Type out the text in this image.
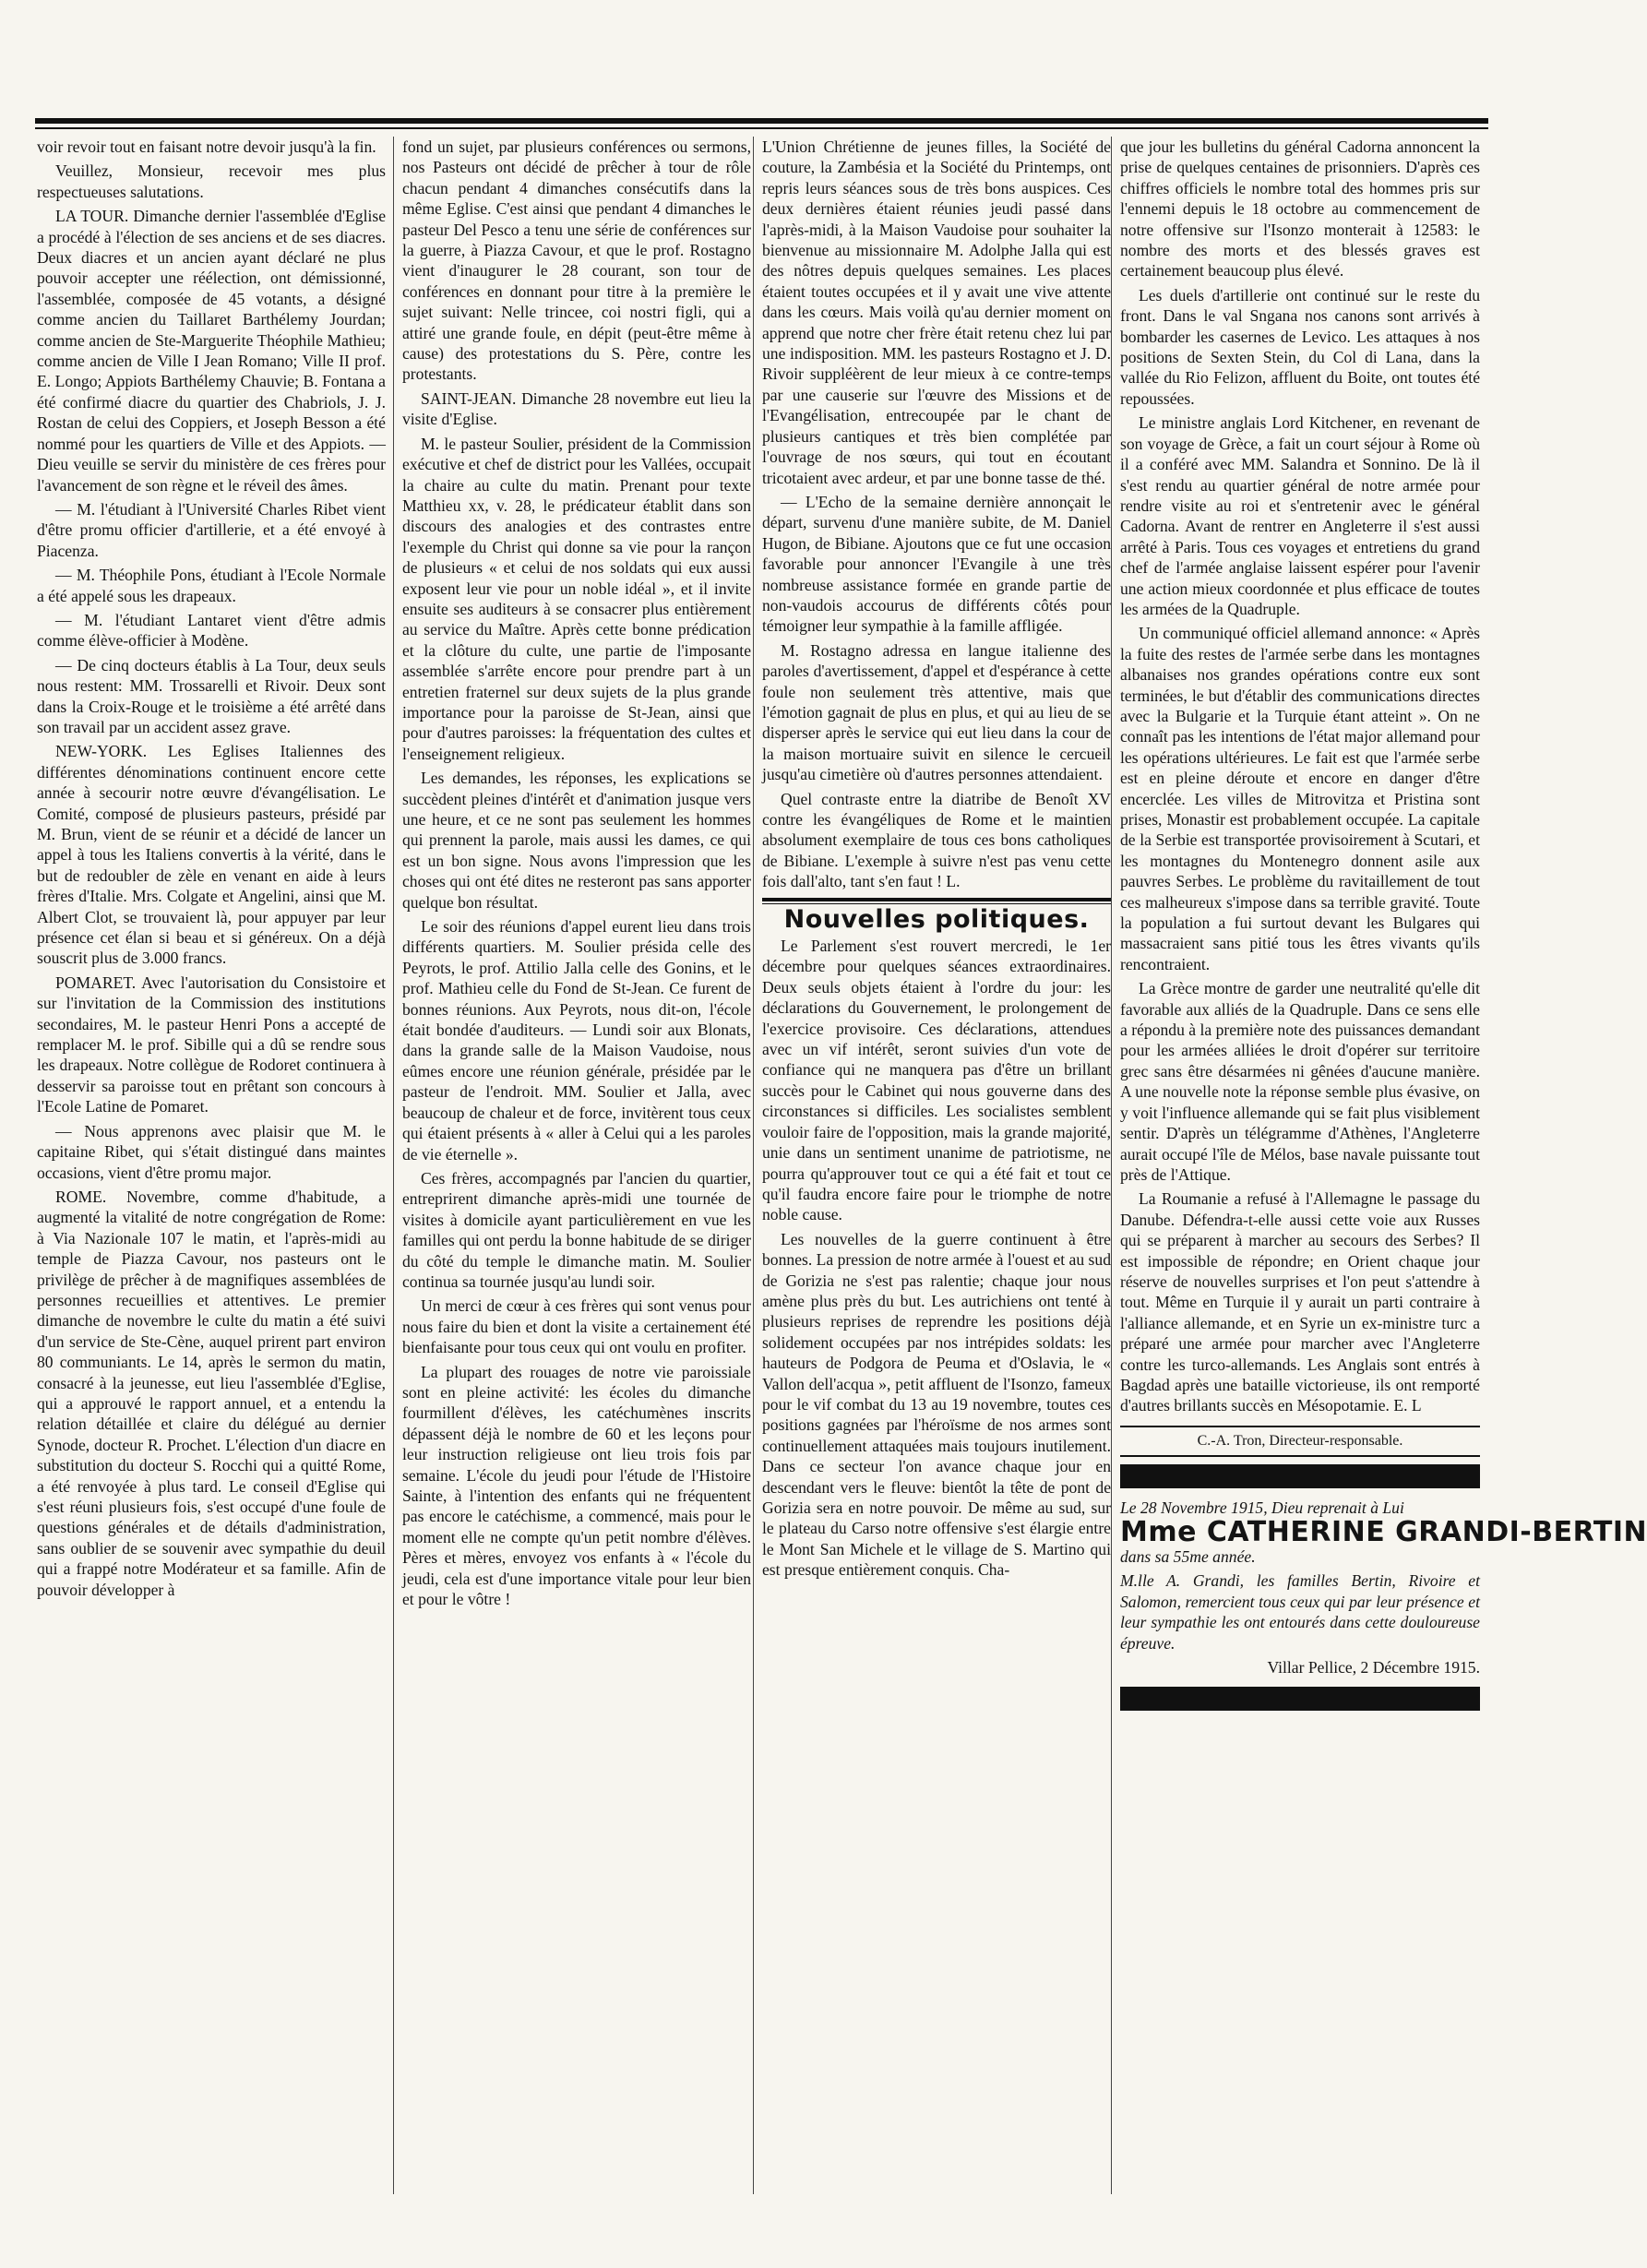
voir revoir tout en faisant notre devoir jusqu'à la fin.

Veuillez, Monsieur, recevoir mes plus respectueuses salutations.

LA TOUR. Dimanche dernier l'assemblée d'Eglise a procédé à l'élection de ses anciens et de ses diacres. Deux diacres et un ancien ayant déclaré ne plus pouvoir accepter une réélection, ont démissionné, l'assemblée, composée de 45 votants, a désigné comme ancien du Taillaret Barthélemy Jourdan; comme ancien de Ste-Marguerite Théophile Mathieu; comme ancien de Ville I Jean Romano; Ville II prof. E. Longo; Appiots Barthélemy Chauvie; B. Fontana a été confirmé diacre du quartier des Chabriols, J. J. Rostan de celui des Coppiers, et Joseph Besson a été nommé pour les quartiers de Ville et des Appiots. — Dieu veuille se servir du ministère de ces frères pour l'avancement de son règne et le réveil des âmes.

— M. l'étudiant à l'Université Charles Ribet vient d'être promu officier d'artillerie, et a été envoyé à Piacenza.

— M. Théophile Pons, étudiant à l'Ecole Normale a été appelé sous les drapeaux.

— M. l'étudiant Lantaret vient d'être admis comme élève-officier à Modène.

— De cinq docteurs établis à La Tour, deux seuls nous restent: MM. Trossarelli et Rivoir. Deux sont dans la Croix-Rouge et le troisième a été arrêté dans son travail par un accident assez grave.

NEW-YORK. Les Eglises Italiennes des différentes dénominations continuent encore cette année à secourir notre œuvre d'évangélisation. Le Comité, composé de plusieurs pasteurs, présidé par M. Brun, vient de se réunir et a décidé de lancer un appel à tous les Italiens convertis à la vérité, dans le but de redoubler de zèle en venant en aide à leurs frères d'Italie. Mrs. Colgate et Angelini, ainsi que M. Albert Clot, se trouvaient là, pour appuyer par leur présence cet élan si beau et si généreux. On a déjà souscrit plus de 3.000 francs.

POMARET. Avec l'autorisation du Consistoire et sur l'invitation de la Commission des institutions secondaires, M. le pasteur Henri Pons a accepté de remplacer M. le prof. Sibille qui a dû se rendre sous les drapeaux. Notre collègue de Rodoret continuera à desservir sa paroisse tout en prêtant son concours à l'Ecole Latine de Pomaret.

— Nous apprenons avec plaisir que M. le capitaine Ribet, qui s'était distingué dans maintes occasions, vient d'être promu major.

ROME. Novembre, comme d'habitude, a augmenté la vitalité de notre congrégation de Rome: à Via Nazionale 107 le matin, et l'après-midi au temple de Piazza Cavour, nos pasteurs ont le privilège de prêcher à de magnifiques assemblées de personnes recueillies et attentives. Le premier dimanche de novembre le culte du matin a été suivi d'un service de Ste-Cène, auquel prirent part environ 80 communiants. Le 14, après le sermon du matin, consacré à la jeunesse, eut lieu l'assemblée d'Eglise, qui a approuvé le rapport annuel, et a entendu la relation détaillée et claire du délégué au dernier Synode, docteur R. Prochet. L'élection d'un diacre en substitution du docteur S. Rocchi qui a quitté Rome, a été renvoyée à plus tard. Le conseil d'Eglise qui s'est réuni plusieurs fois, s'est occupé d'une foule de questions générales et de détails d'administration, sans oublier de se souvenir avec sympathie du deuil qui a frappé notre Modérateur et sa famille. Afin de pouvoir développer à

fond un sujet, par plusieurs conférences ou sermons, nos Pasteurs ont décidé de prêcher à tour de rôle chacun pendant 4 dimanches consécutifs dans la même Eglise. C'est ainsi que pendant 4 dimanches le pasteur Del Pesco a tenu une série de conférences sur la guerre, à Piazza Cavour, et que le prof. Rostagno vient d'inaugurer le 28 courant, son tour de conférences en donnant pour titre à la première le sujet suivant: Nelle trincee, coi nostri figli, qui a attiré une grande foule, en dépit (peut-être même à cause) des protestations du S. Père, contre les protestants.

SAINT-JEAN. Dimanche 28 novembre eut lieu la visite d'Eglise.

M. le pasteur Soulier, président de la Commission exécutive et chef de district pour les Vallées, occupait la chaire au culte du matin. Prenant pour texte Matthieu xx, v. 28, le prédicateur établit dans son discours des analogies et des contrastes entre l'exemple du Christ qui donne sa vie pour la rançon de plusieurs « et celui de nos soldats qui eux aussi exposent leur vie pour un noble idéal », et il invite ensuite ses auditeurs à se consacrer plus entièrement au service du Maître. Après cette bonne prédication et la clôture du culte, une partie de l'imposante assemblée s'arrête encore pour prendre part à un entretien fraternel sur deux sujets de la plus grande importance pour la paroisse de St-Jean, ainsi que pour d'autres paroisses: la fréquentation des cultes et l'enseignement religieux.

Les demandes, les réponses, les explications se succèdent pleines d'intérêt et d'animation jusque vers une heure, et ce ne sont pas seulement les hommes qui prennent la parole, mais aussi les dames, ce qui est un bon signe. Nous avons l'impression que les choses qui ont été dites ne resteront pas sans apporter quelque bon résultat.

Le soir des réunions d'appel eurent lieu dans trois différents quartiers. M. Soulier présida celle des Peyrots, le prof. Attilio Jalla celle des Gonins, et le prof. Mathieu celle du Fond de St-Jean. Ce furent de bonnes réunions. Aux Peyrots, nous dit-on, l'école était bondée d'auditeurs. — Lundi soir aux Blonats, dans la grande salle de la Maison Vaudoise, nous eûmes encore une réunion générale, présidée par le pasteur de l'endroit. MM. Soulier et Jalla, avec beaucoup de chaleur et de force, invitèrent tous ceux qui étaient présents à « aller à Celui qui a les paroles de vie éternelle ».

Ces frères, accompagnés par l'ancien du quartier, entreprirent dimanche après-midi une tournée de visites à domicile ayant particulièrement en vue les familles qui ont perdu la bonne habitude de se diriger du côté du temple le dimanche matin. M. Soulier continua sa tournée jusqu'au lundi soir.

Un merci de cœur à ces frères qui sont venus pour nous faire du bien et dont la visite a certainement été bienfaisante pour tous ceux qui ont voulu en profiter.

La plupart des rouages de notre vie paroissiale sont en pleine activité: les écoles du dimanche fourmillent d'élèves, les catéchumènes inscrits dépassent déjà le nombre de 60 et les leçons pour leur instruction religieuse ont lieu trois fois par semaine. L'école du jeudi pour l'étude de l'Histoire Sainte, à l'intention des enfants qui ne fréquentent pas encore le catéchisme, a commencé, mais pour le moment elle ne compte qu'un petit nombre d'élèves. Pères et mères, envoyez vos enfants à « l'école du jeudi, cela est d'une importance vitale pour leur bien et pour le vôtre !

L'Union Chrétienne de jeunes filles, la Société de couture, la Zambésia et la Société du Printemps, ont repris leurs séances sous de très bons auspices. Ces deux dernières étaient réunies jeudi passé dans l'après-midi, à la Maison Vaudoise pour souhaiter la bienvenue au missionnaire M. Adolphe Jalla qui est des nôtres depuis quelques semaines. Les places étaient toutes occupées et il y avait une vive attente dans les cœurs. Mais voilà qu'au dernier moment on apprend que notre cher frère était retenu chez lui par une indisposition. MM. les pasteurs Rostagno et J. D. Rivoir suppléèrent de leur mieux à ce contre-temps par une causerie sur l'œuvre des Missions et de l'Evangélisation, entrecoupée par le chant de plusieurs cantiques et très bien complétée par l'ouvrage de nos sœurs, qui tout en écoutant tricotaient avec ardeur, et par une bonne tasse de thé.

— L'Echo de la semaine dernière annonçait le départ, survenu d'une manière subite, de M. Daniel Hugon, de Bibiane. Ajoutons que ce fut une occasion favorable pour annoncer l'Evangile à une très nombreuse assistance formée en grande partie de non-vaudois accourus de différents côtés pour témoigner leur sympathie à la famille affligée.

M. Rostagno adressa en langue italienne des paroles d'avertissement, d'appel et d'espérance à cette foule non seulement très attentive, mais que l'émotion gagnait de plus en plus, et qui au lieu de se disperser après le service qui eut lieu dans la cour de la maison mortuaire suivit en silence le cercueil jusqu'au cimetière où d'autres personnes attendaient.

Quel contraste entre la diatribe de Benoît XV contre les évangéliques de Rome et le maintien absolument exemplaire de tous ces bons catholiques de Bibiane. L'exemple à suivre n'est pas venu cette fois dall'alto, tant s'en faut ! L.

Nouvelles politiques.

Le Parlement s'est rouvert mercredi, le 1er décembre pour quelques séances extraordinaires. Deux seuls objets étaient à l'ordre du jour: les déclarations du Gouvernement, le prolongement de l'exercice provisoire. Ces déclarations, attendues avec un vif intérêt, seront suivies d'un vote de confiance qui ne manquera pas d'être un brillant succès pour le Cabinet qui nous gouverne dans des circonstances si difficiles. Les socialistes semblent vouloir faire de l'opposition, mais la grande majorité, unie dans un sentiment unanime de patriotisme, ne pourra qu'approuver tout ce qui a été fait et tout ce qu'il faudra encore faire pour le triomphe de notre noble cause.

Les nouvelles de la guerre continuent à être bonnes. La pression de notre armée à l'ouest et au sud de Gorizia ne s'est pas ralentie; chaque jour nous amène plus près du but. Les autrichiens ont tenté à plusieurs reprises de reprendre les positions déjà solidement occupées par nos intrépides soldats: les hauteurs de Podgora de Peuma et d'Oslavia, le « Vallon dell'acqua », petit affluent de l'Isonzo, fameux pour le vif combat du 13 au 19 novembre, toutes ces positions gagnées par l'héroïsme de nos armes sont continuellement attaquées mais toujours inutilement. Dans ce secteur l'on avance chaque jour en descendant vers le fleuve: bientôt la tête de pont de Gorizia sera en notre pouvoir. De même au sud, sur le plateau du Carso notre offensive s'est élargie entre le Mont San Michele et le village de S. Martino qui est presque entièrement conquis. Cha-

que jour les bulletins du général Cadorna annoncent la prise de quelques centaines de prisonniers. D'après ces chiffres officiels le nombre total des hommes pris sur l'ennemi depuis le 18 octobre au commencement de notre offensive sur l'Isonzo monterait à 12583: le nombre des morts et des blessés graves est certainement beaucoup plus élevé.

Les duels d'artillerie ont continué sur le reste du front. Dans le val Sngana nos canons sont arrivés à bombarder les casernes de Levico. Les attaques à nos positions de Sexten Stein, du Col di Lana, dans la vallée du Rio Felizon, affluent du Boite, ont toutes été repoussées.

Le ministre anglais Lord Kitchener, en revenant de son voyage de Grèce, a fait un court séjour à Rome où il a conféré avec MM. Salandra et Sonnino. De là il s'est rendu au quartier général de notre armée pour rendre visite au roi et s'entretenir avec le général Cadorna. Avant de rentrer en Angleterre il s'est aussi arrêté à Paris. Tous ces voyages et entretiens du grand chef de l'armée anglaise laissent espérer pour l'avenir une action mieux coordonnée et plus efficace de toutes les armées de la Quadruple.

Un communiqué officiel allemand annonce: « Après la fuite des restes de l'armée serbe dans les montagnes albanaises nos grandes opérations contre eux sont terminées, le but d'établir des communications directes avec la Bulgarie et la Turquie étant atteint ». On ne connaît pas les intentions de l'état major allemand pour les opérations ultérieures. Le fait est que l'armée serbe est en pleine déroute et encore en danger d'être encerclée. Les villes de Mitrovitza et Pristina sont prises, Monastir est probablement occupée. La capitale de la Serbie est transportée provisoirement à Scutari, et les montagnes du Montenegro donnent asile aux pauvres Serbes. Le problème du ravitaillement de tout ces malheureux s'impose dans sa terrible gravité. Toute la population a fui surtout devant les Bulgares qui massacraient sans pitié tous les êtres vivants qu'ils rencontraient.

La Grèce montre de garder une neutralité qu'elle dit favorable aux alliés de la Quadruple. Dans ce sens elle a répondu à la première note des puissances demandant pour les armées alliées le droit d'opérer sur territoire grec sans être désarmées ni gênées d'aucune manière. A une nouvelle note la réponse semble plus évasive, on y voit l'influence allemande qui se fait plus visiblement sentir. D'après un télégramme d'Athènes, l'Angleterre aurait occupé l'île de Mélos, base navale puissante tout près de l'Attique.

La Roumanie a refusé à l'Allemagne le passage du Danube. Défendra-t-elle aussi cette voie aux Russes qui se préparent à marcher au secours des Serbes? Il est impossible de répondre; en Orient chaque jour réserve de nouvelles surprises et l'on peut s'attendre à tout. Même en Turquie il y aurait un parti contraire à l'alliance allemande, et en Syrie un ex-ministre turc a préparé une armée pour marcher avec l'Angleterre contre les turco-allemands. Les Anglais sont entrés à Bagdad après une bataille victorieuse, ils ont remporté d'autres brillants succès en Mésopotamie. E. L

C.-A. Tron, Directeur-responsable.

Le 28 Novembre 1915, Dieu reprenait à Lui

Mme CATHERINE GRANDI-BERTIN

dans sa 55me année.

M.lle A. Grandi, les familles Bertin, Rivoire et Salomon, remercient tous ceux qui par leur présence et leur sympathie les ont entourés dans cette douloureuse épreuve.

Villar Pellice, 2 Décembre 1915.
